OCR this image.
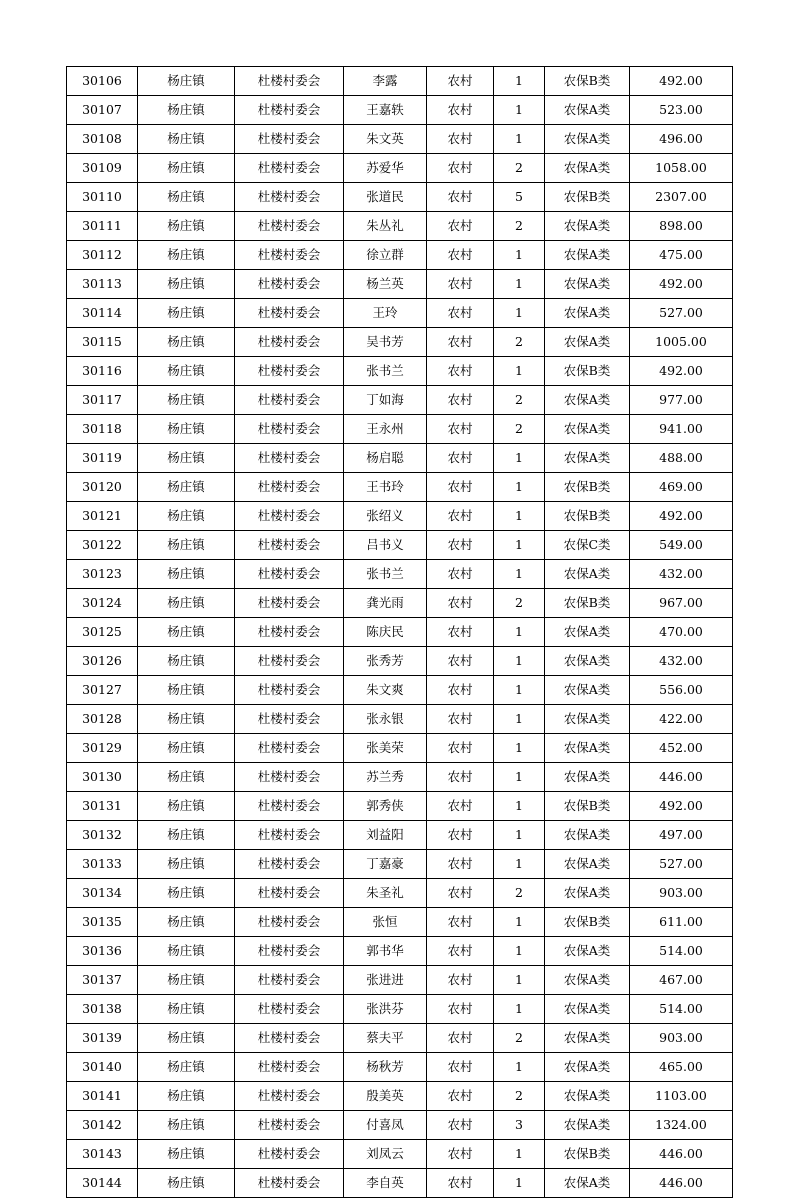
30106	杨庄镇	杜楼村委会	李露	农村	1	农保B类	492.00
30107	杨庄镇	杜楼村委会	王嘉轶	农村	1	农保A类	523.00
30108	杨庄镇	杜楼村委会	朱文英	农村	1	农保A类	496.00
30109	杨庄镇	杜楼村委会	苏爱华	农村	2	农保A类	1058.00
30110	杨庄镇	杜楼村委会	张道民	农村	5	农保B类	2307.00
30111	杨庄镇	杜楼村委会	朱丛礼	农村	2	农保A类	898.00
30112	杨庄镇	杜楼村委会	徐立群	农村	1	农保A类	475.00
30113	杨庄镇	杜楼村委会	杨兰英	农村	1	农保A类	492.00
30114	杨庄镇	杜楼村委会	王玲	农村	1	农保A类	527.00
30115	杨庄镇	杜楼村委会	吴书芳	农村	2	农保A类	1005.00
30116	杨庄镇	杜楼村委会	张书兰	农村	1	农保B类	492.00
30117	杨庄镇	杜楼村委会	丁如海	农村	2	农保A类	977.00
30118	杨庄镇	杜楼村委会	王永州	农村	2	农保A类	941.00
30119	杨庄镇	杜楼村委会	杨启聪	农村	1	农保A类	488.00
30120	杨庄镇	杜楼村委会	王书玲	农村	1	农保B类	469.00
30121	杨庄镇	杜楼村委会	张绍义	农村	1	农保B类	492.00
30122	杨庄镇	杜楼村委会	吕书义	农村	1	农保C类	549.00
30123	杨庄镇	杜楼村委会	张书兰	农村	1	农保A类	432.00
30124	杨庄镇	杜楼村委会	龚光雨	农村	2	农保B类	967.00
30125	杨庄镇	杜楼村委会	陈庆民	农村	1	农保A类	470.00
30126	杨庄镇	杜楼村委会	张秀芳	农村	1	农保A类	432.00
30127	杨庄镇	杜楼村委会	朱文爽	农村	1	农保A类	556.00
30128	杨庄镇	杜楼村委会	张永银	农村	1	农保A类	422.00
30129	杨庄镇	杜楼村委会	张美荣	农村	1	农保A类	452.00
30130	杨庄镇	杜楼村委会	苏兰秀	农村	1	农保A类	446.00
30131	杨庄镇	杜楼村委会	郭秀侠	农村	1	农保B类	492.00
30132	杨庄镇	杜楼村委会	刘益阳	农村	1	农保A类	497.00
30133	杨庄镇	杜楼村委会	丁嘉豪	农村	1	农保A类	527.00
30134	杨庄镇	杜楼村委会	朱圣礼	农村	2	农保A类	903.00
30135	杨庄镇	杜楼村委会	张恒	农村	1	农保B类	611.00
30136	杨庄镇	杜楼村委会	郭书华	农村	1	农保A类	514.00
30137	杨庄镇	杜楼村委会	张进进	农村	1	农保A类	467.00
30138	杨庄镇	杜楼村委会	张洪芬	农村	1	农保A类	514.00
30139	杨庄镇	杜楼村委会	蔡夫平	农村	2	农保A类	903.00
30140	杨庄镇	杜楼村委会	杨秋芳	农村	1	农保A类	465.00
30141	杨庄镇	杜楼村委会	殷美英	农村	2	农保A类	1103.00
30142	杨庄镇	杜楼村委会	付喜凤	农村	3	农保A类	1324.00
30143	杨庄镇	杜楼村委会	刘凤云	农村	1	农保B类	446.00
30144	杨庄镇	杜楼村委会	李自英	农村	1	农保A类	446.00
